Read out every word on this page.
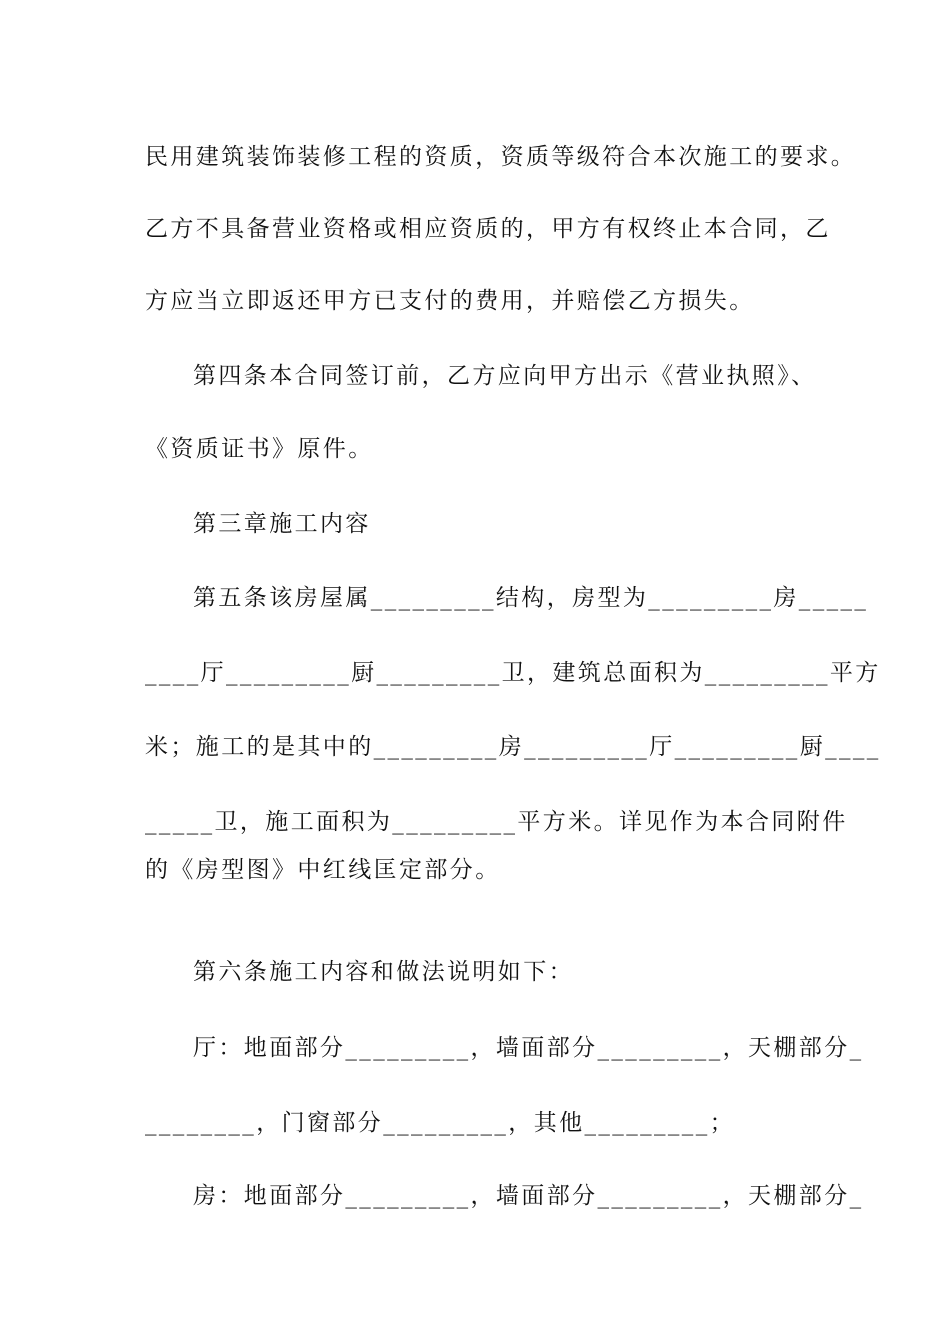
民用建筑装饰装修工程的资质，资质等级符合本次施工的要求。
乙方不具备营业资格或相应资质的，甲方有权终止本合同，乙
方应当立即返还甲方已支付的费用，并赔偿乙方损失。
第四条本合同签订前，乙方应向甲方出示《营业执照》、
《资质证书》原件。
第三章施工内容
第五条该房屋属_________结构，房型为_________房_____
____厅_________厨_________卫，建筑总面积为_________平方
米；施工的是其中的_________房_________厅_________厨____
_____卫，施工面积为_________平方米。详见作为本合同附件
的《房型图》中红线匡定部分。
第六条施工内容和做法说明如下：
厅：地面部分_________，墙面部分_________，天棚部分_
________，门窗部分_________，其他_________；
房：地面部分_________，墙面部分_________，天棚部分_
